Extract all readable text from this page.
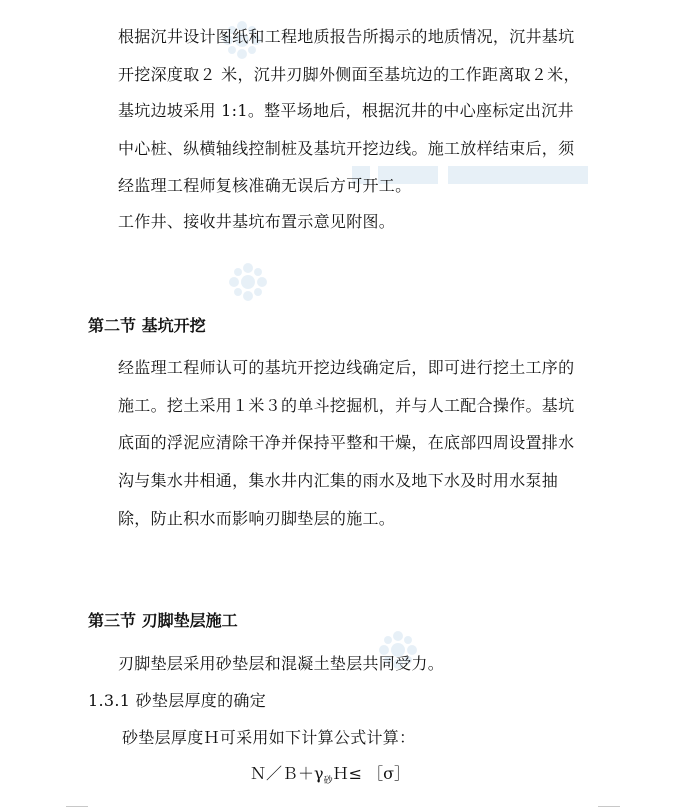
根据沉井设计图纸和工程地质报告所揭示的地质情况，沉井基坑
开挖深度取２ 米，沉井刃脚外侧面至基坑边的工作距离取２米，
基坑边坡采用 1:1。整平场地后，根据沉井的中心座标定出沉井
中心桩、纵横轴线控制桩及基坑开挖边线。施工放样结束后，须
经监理工程师复核准确无误后方可开工。
工作井、接收井基坑布置示意见附图。
第二节 基坑开挖
经监理工程师认可的基坑开挖边线确定后，即可进行挖土工序的
施工。挖土采用１米３的单斗挖掘机，并与人工配合操作。基坑
底面的浮泥应清除干净并保持平整和干燥，在底部四周设置排水
沟与集水井相通，集水井内汇集的雨水及地下水及时用水泵抽
除，防止积水而影响刃脚垫层的施工。
第三节 刃脚垫层施工
刃脚垫层采用砂垫层和混凝土垫层共同受力。
1.3.1 砂垫层厚度的确定
砂垫层厚度Ｈ可采用如下计算公式计算：
$N/B+\gamma_砂H\le$ ［σ］
